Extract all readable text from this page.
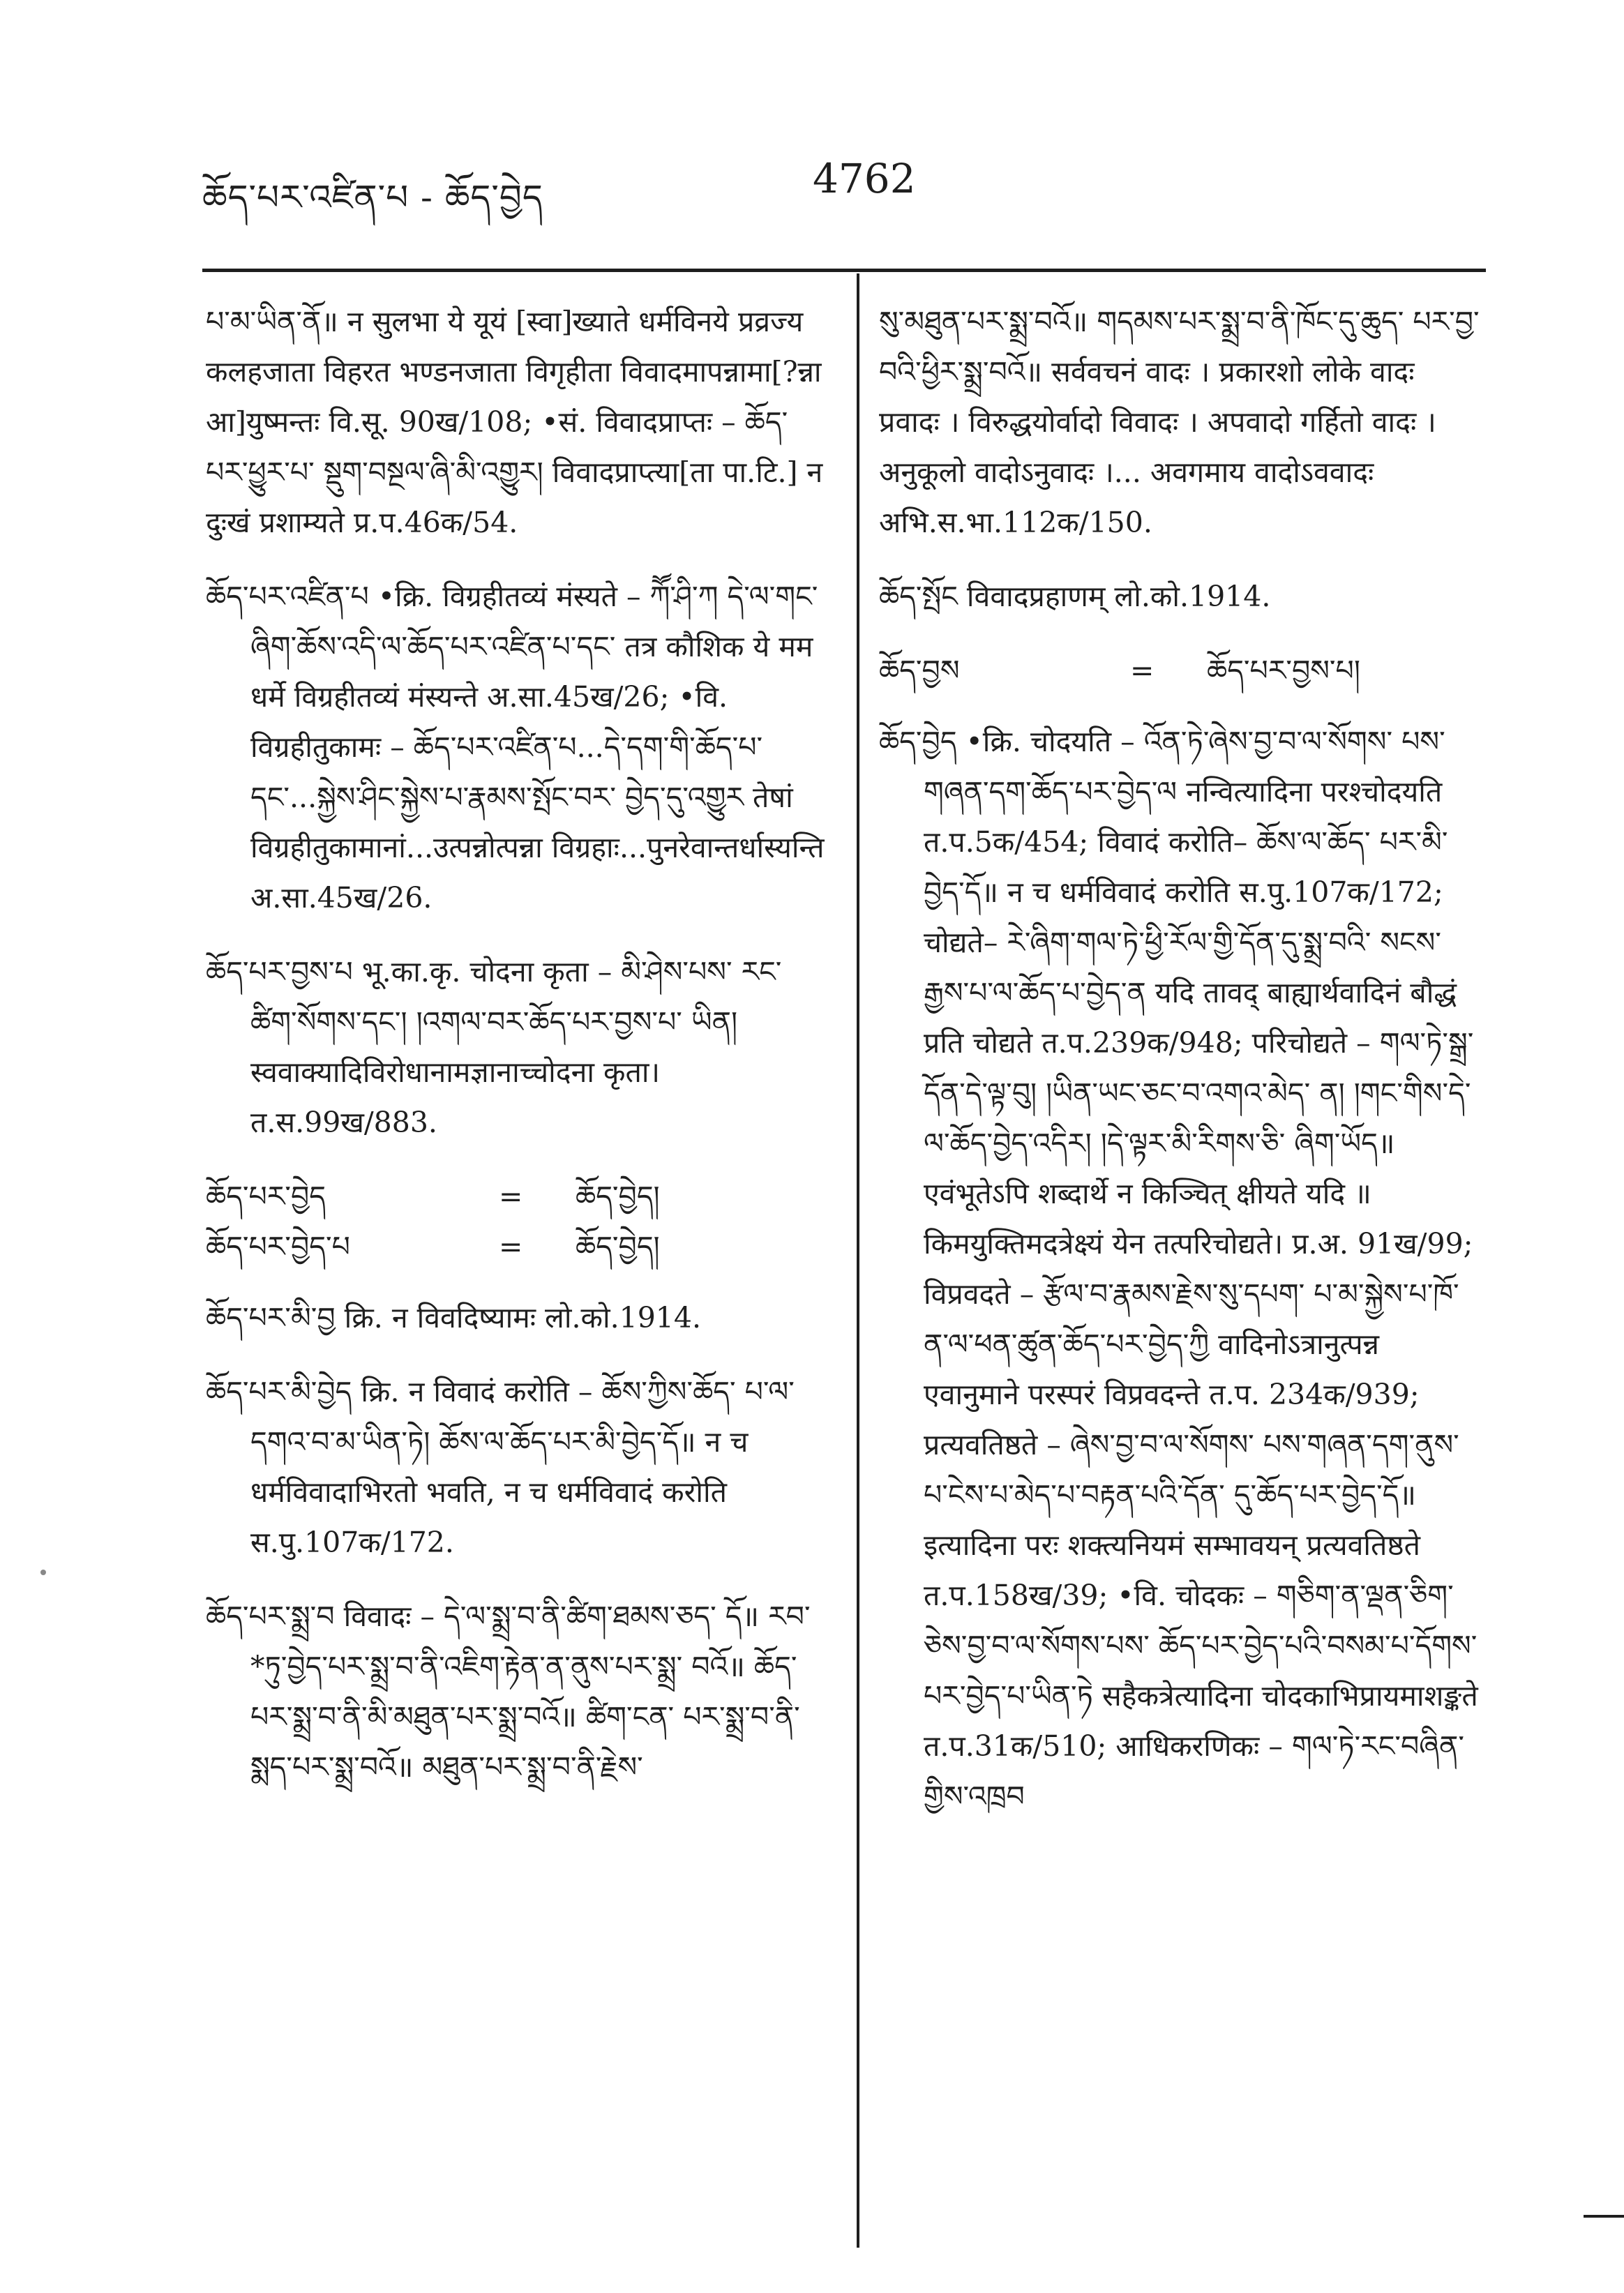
ཆོད་པར་འཛིན་པ - ཆོད་བྱེད	4762

པ་མ་ཡིན་ནོ॥ न सुलभा ये यूयं [स्वा]ख्याते धर्मविनये प्रव्रज्य कलहजाता विहरत भण्डनजाता विगृहीता विवादमापन्नामा[?न्ना आ]युष्मन्तः वि.सू. 90ख/108; •सं. विवादप्राप्तः – ཆོད་པར་ཕྱུར་པ་ སྡུག་བསྔལ་ཞི་མི་འགྱུར། विवादप्राप्त्या[ता पा.टि.] न दुःखं प्रशाम्यते प्र.प.46क/54.

ཆོད་པར་འཛིན་པ •क्रि. विग्रहीतव्यं मंस्यते – ཀཽ་ཤི་ཀ དེ་ལ་གང་ཞིག་ཆོས་འདི་ལ་ཆོད་པར་འཛིན་པ་དང་ तत्र कौशिक ये मम धर्मे विग्रहीतव्यं मंस्यन्ते अ.सा.45ख/26; •वि. विग्रहीतुकामः – ཆོད་པར་འཛིན་པ...དེ་དག་གི་ཆོད་པ་དང་...སྐྱེས་ཤིང་སྐྱེས་པ་རྣམས་སྤོང་བར་ བྱེད་དུ་འགྱུར तेषां विग्रहीतुकामानां...उत्पन्नोत्पन्ना विग्रहाः...पुनरेवान्तर्धास्यन्ति अ.सा.45ख/26.

ཆོད་པར་བྱས་པ भू.का.कृ. चोदना कृता – མི་ཤེས་པས་ རང་ཚིག་སོགས་དང་། །འགལ་བར་ཆོད་པར་བྱས་པ་ ཡིན། स्ववाक्यादिविरोधानामज्ञानाच्चोदना कृता। त.स.99ख/883.

ཆོད་པར་བྱེད	=	ཆོད་བྱེད།
ཆོད་པར་བྱེད་པ	=	ཆོད་བྱེད།

ཆོད་པར་མི་བྱ क्रि. न विवदिष्यामः लो.को.1914.

ཆོད་པར་མི་བྱེད क्रि. न विवादं करोति – ཆོས་ཀྱིས་ཆོད་ པ་ལ་དགའ་བ་མ་ཡིན་ཏེ། ཆོས་ལ་ཆོད་པར་མི་བྱེད་དོ॥ न च धर्मविवादाभिरतो भवति, न च धर्मविवादं करोति स.पु.107क/172.

ཆོད་པར་སྨྲ་བ विवादः – དེ་ལ་སྨྲ་བ་ནི་ཚིག་ཐམས་ཅད་ དོ॥ རབ་*ཏུ་བྱེད་པར་སྨྲ་བ་ནི་འཇིག་རྟེན་ན་ནུས་པར་སྨྲ་ བའོ॥ ཆོད་པར་སྨྲ་བ་ནི་མི་མཐུན་པར་སྨྲ་བའོ॥ ཚིག་ངན་ པར་སྨྲ་བ་ནི་སྨད་པར་སྨྲ་བའོ॥ མཐུན་པར་སྨྲ་བ་ནི་རྗེས་

སུ་མཐུན་པར་སྨྲ་བའོ॥ གདམས་པར་སྨྲ་བ་ནི་ཁོང་དུ་ཆུད་ པར་བྱ་བའི་ཕྱིར་སྨྲ་བའོ॥ सर्ववचनं वादः । प्रकारशो लोके वादः प्रवादः । विरुद्धयोर्वादो विवादः । अपवादो गर्हितो वादः । अनुकूलो वादोऽनुवादः ।... अवगमाय वादोऽववादः अभि.स.भा.112क/150.

ཆོད་སྤོང विवादप्रहाणम् लो.को.1914.

ཆོད་བྱས	=	ཆོད་པར་བྱས་པ།

ཆོད་བྱེད •क्रि. चोदयति – འོན་ཏེ་ཞེས་བྱ་བ་ལ་སོགས་ པས་གཞན་དག་ཆོད་པར་བྱེད་ལ नन्वित्यादिना परश्चोदयति त.प.5क/454; विवादं करोति– ཆོས་ལ་ཆོད་ པར་མི་བྱེད་དོ॥ न च धर्मविवादं करोति स.पु.107क/172; चोद्यते– རེ་ཞིག་གལ་ཏེ་ཕྱི་རོལ་གྱི་དོན་དུ་སྨྲ་བའི་ སངས་རྒྱས་པ་ལ་ཆོད་པ་བྱེད་ན यदि तावद् बाह्यार्थवादिनं बौद्धं प्रति चोद्यते त.प.239क/948; परिचोद्यते – གལ་ཏེ་སྒྲ་དོན་དེ་ལྟ་བུ། །ཡིན་ཡང་ཅང་བ་འགའ་མེད་ ན། །གང་གིས་དེ་ལ་ཆོད་བྱེད་འདིར། །དེ་ལྟར་མི་རིགས་ཅི་ ཞིག་ཡོད॥ एवंभूतेऽपि शब्दार्थे न किञ्चित् क्षीयते यदि ॥ किमयुक्तिमदत्रेक्ष्यं येन तत्परिचोद्यते। प्र.अ. 91ख/99; विप्रवदते – རྩོལ་བ་རྣམས་རྗེས་སུ་དཔག་ པ་མ་སྐྱེས་པ་ཁོ་ན་ལ་ཕན་ཚུན་ཆོད་པར་བྱེད་ཀྱི वादिनोऽत्रानुत्पन्न एवानुमाने परस्परं विप्रवदन्ते त.प. 234क/939; प्रत्यवतिष्ठते – ཞེས་བྱ་བ་ལ་སོགས་ པས་གཞན་དག་ནུས་པ་ངེས་པ་མེད་པ་བརྟན་པའི་དོན་ དུ་ཆོད་པར་བྱེད་དོ॥ इत्यादिना परः शक्त्यनियमं सम्भावयन् प्रत्यवतिष्ठते त.प.158ख/39; •वि. चोदकः – གཅིག་ན་ལྡན་ཅིག་ཅེས་བྱ་བ་ལ་སོགས་པས་ ཆོད་པར་བྱེད་པའི་བསམ་པ་དོགས་པར་བྱེད་པ་ཡིན་ཏེ सहैकत्रेत्यादिना चोदकाभिप्रायमाशङ्कते त.प.31क/510; आधिकरणिकः – གལ་ཏེ་རང་བཞིན་གྱིས་འཁྲབ
